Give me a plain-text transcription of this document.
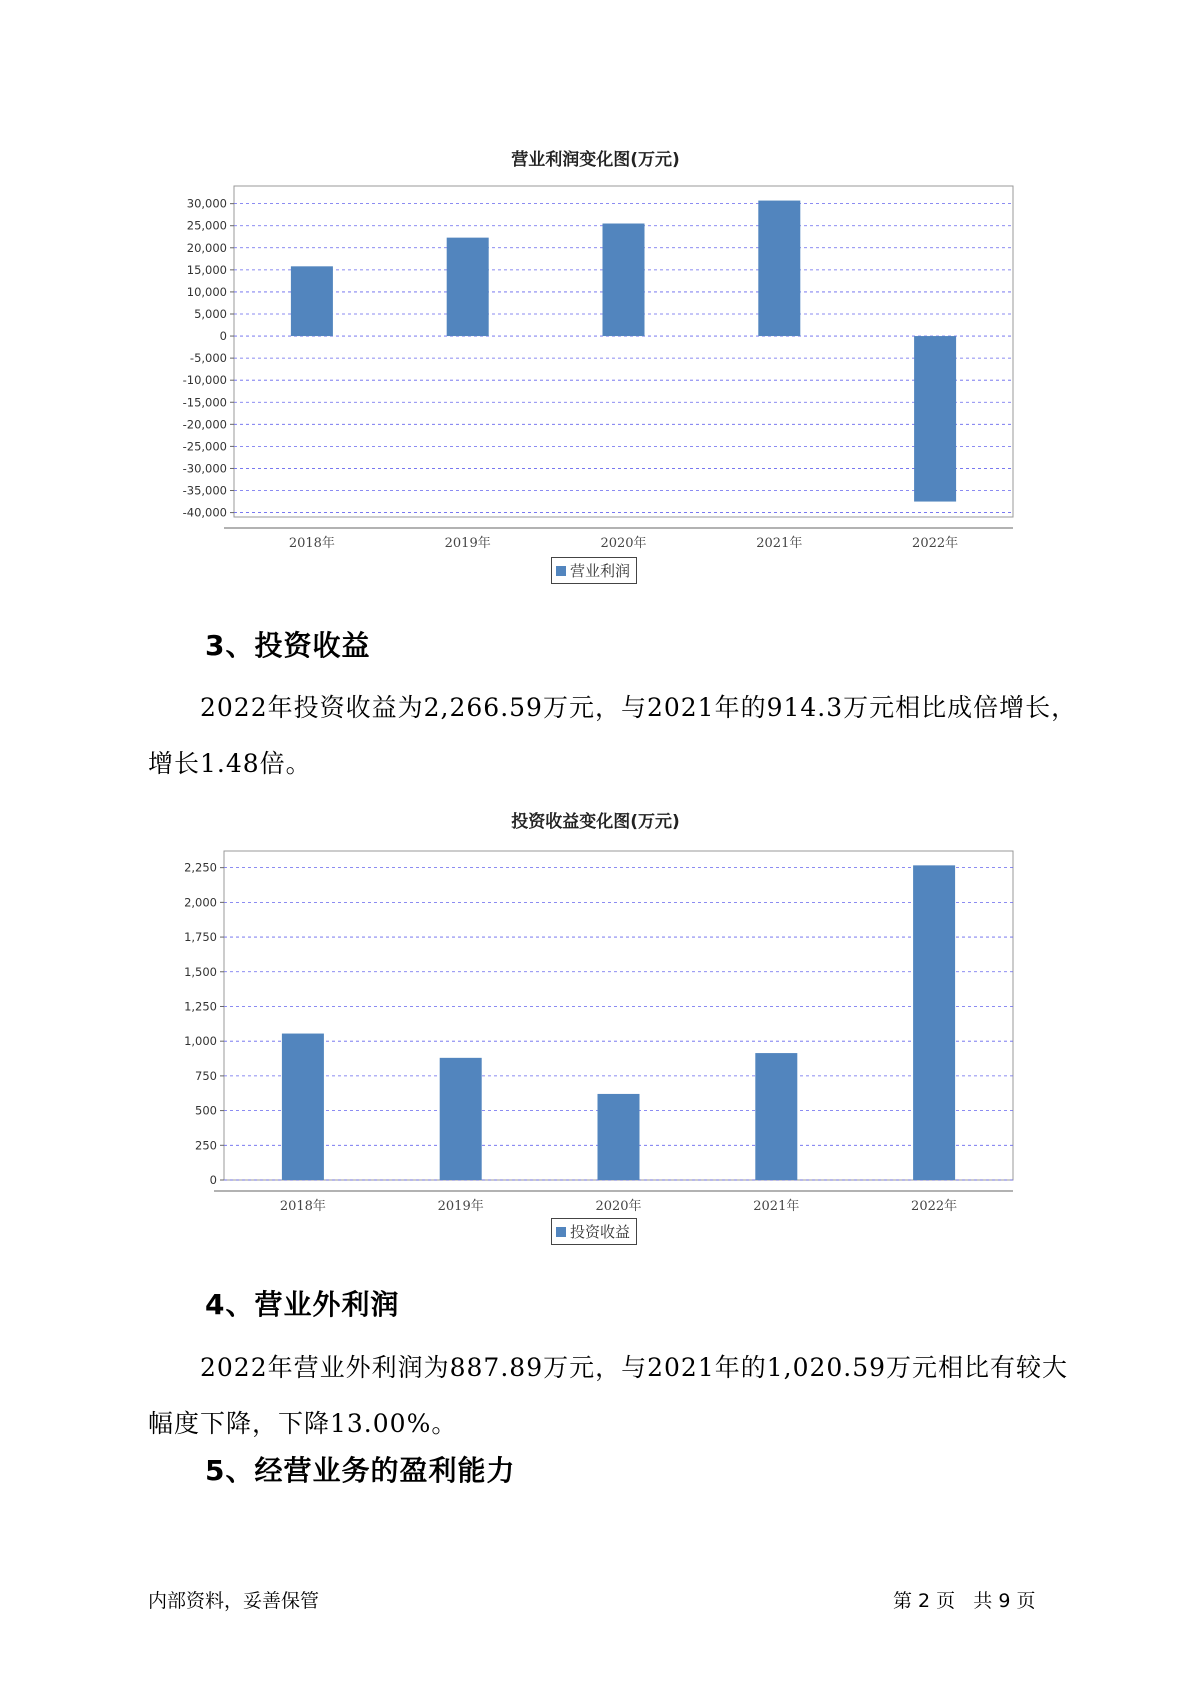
营业利润变化图(万元)
30,000
25,000
20,000
15,000
10,000
5,000
0
-5,000
-10,000
-15,000
-20,000
-25,000
-30,000
-35,000
-40,000
2018年	2019年	2020年	2021年	2022年
营业利润
3、投资收益
2022年投资收益为2,266.59万元，与2021年的914.3万元相比成倍增长，增长1.48倍。
投资收益变化图(万元)
2,250
2,000
1,750
1,500
1,250
1,000
750
500
250
0
2018年	2019年	2020年	2021年	2022年
投资收益
4、营业外利润
2022年营业外利润为887.89万元，与2021年的1,020.59万元相比有较大幅度下降，下降13.00%。
5、经营业务的盈利能力
内部资料，妥善保管	第 2 页   共 9 页
